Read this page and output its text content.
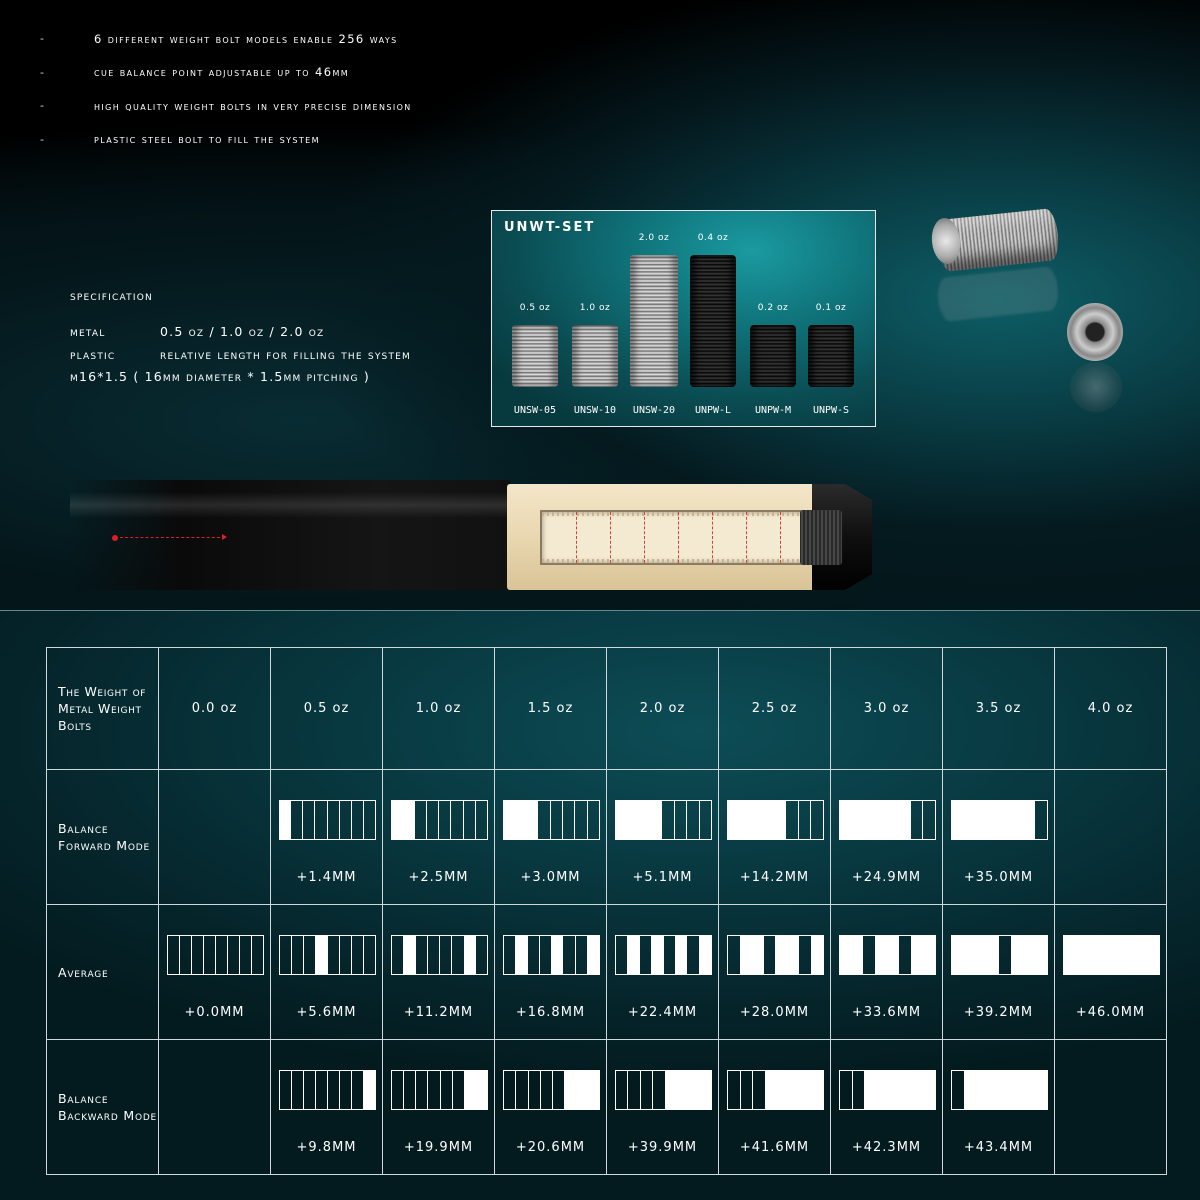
-	6 different weight bolt models enable 256 ways
-	cue balance point adjustable up to 46mm
-	high quality weight bolts in very precise dimension
-	plastic steel bolt to fill the system
specification
metal	0.5 oz / 1.0 oz / 2.0 oz
plastic	relative length for filling the system
m16*1.5 ( 16mm diameter * 1.5mm pitching )
UNWT-SET
0.5 oz
UNSW-05
1.0 oz
UNSW-10
2.0 oz
UNSW-20
0.4 oz
UNPW-L
0.2 oz
UNPW-M
0.1 oz
UNPW-S
The Weight of Metal Weight Bolts	0.0 oz	0.5 oz	1.0 oz	1.5 oz	2.0 oz	2.5 oz	3.0 oz	3.5 oz	4.0 oz
Balance Forward Mode		+1.4MM	+2.5MM	+3.0MM	+5.1MM	+14.2MM	+24.9MM	+35.0MM	

Average	+0.0MM	+5.6MM	+11.2MM	+16.8MM	+22.4MM	+28.0MM	+33.6MM	+39.2MM	+46.0MM

Balance Backward Mode		+9.8MM	+19.9MM	+20.6MM	+39.9MM	+41.6MM	+42.3MM	+43.4MM	
